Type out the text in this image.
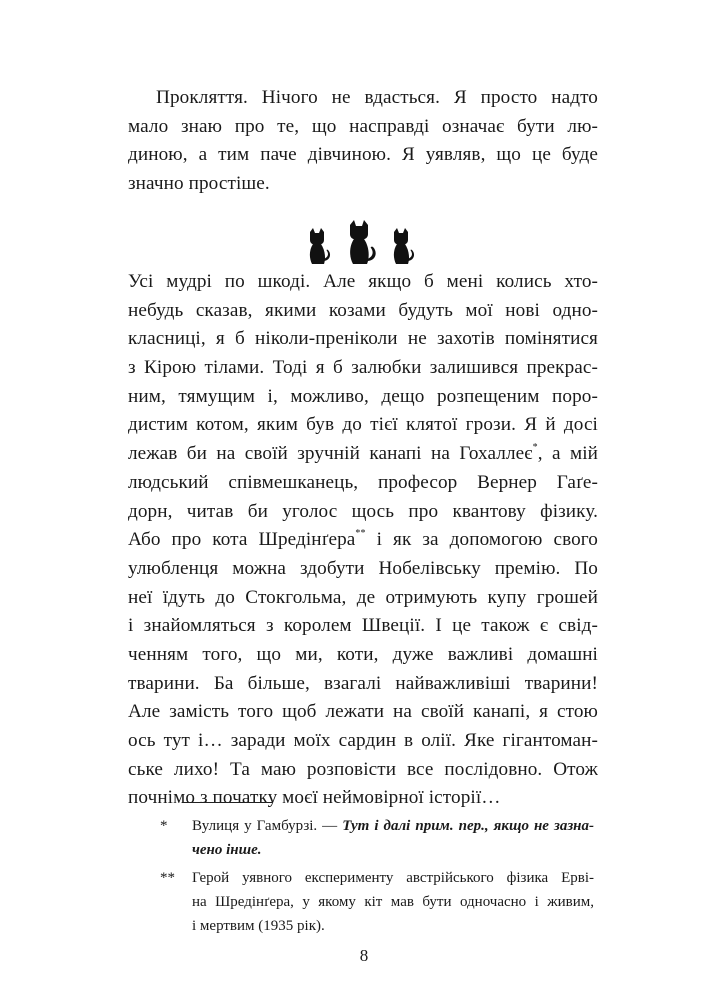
Прокляття. Нічого не вдасться. Я просто надто
мало знаю про те, що насправді означає бути лю-
диною, а тим паче дівчиною. Я уявляв, що це буде
значно простіше.
Усі мудрі по шкоді. Але якщо б мені колись хто-
небудь сказав, якими козами будуть мої нові одно-
класниці, я б ніколи-преніколи не захотів помінятися
з Кірою тілами. Тоді я б залюбки залишився прекрас-
ним, тямущим і, можливо, дещо розпещеним поро-
дистим котом, яким був до тієї клятої грози. Я й досі
лежав би на своїй зручній канапі на Гохаллеє*, а мій
людський співмешканець, професор Вернер Гаґе-
дорн, читав би уголос щось про квантову фізику.
Або про кота Шредінґера** і як за допомогою свого
улюбленця можна здобути Нобелівську премію. По
неї їдуть до Стокгольма, де отримують купу грошей
і знайомляться з королем Швеції. І це також є свід-
ченням того, що ми, коти, дуже важливі домашні
тварини. Ба більше, взагалі найважливіші тварини!
Але замість того щоб лежати на своїй канапі, я стою
ось тут і… заради моїх сардин в олії. Яке гігантоман-
ське лихо! Та маю розповісти все послідовно. Отож
почнімо з початку моєї неймовірної історії…
* Вулиця у Гамбурзі. — Тут і далі прим. пер., якщо не зазна-
чено інше.
** Герой уявного експерименту австрійського фізика Ерві-
на Шредінґера, у якому кіт мав бути одночасно і живим,
і мертвим (1935 рік).
8
